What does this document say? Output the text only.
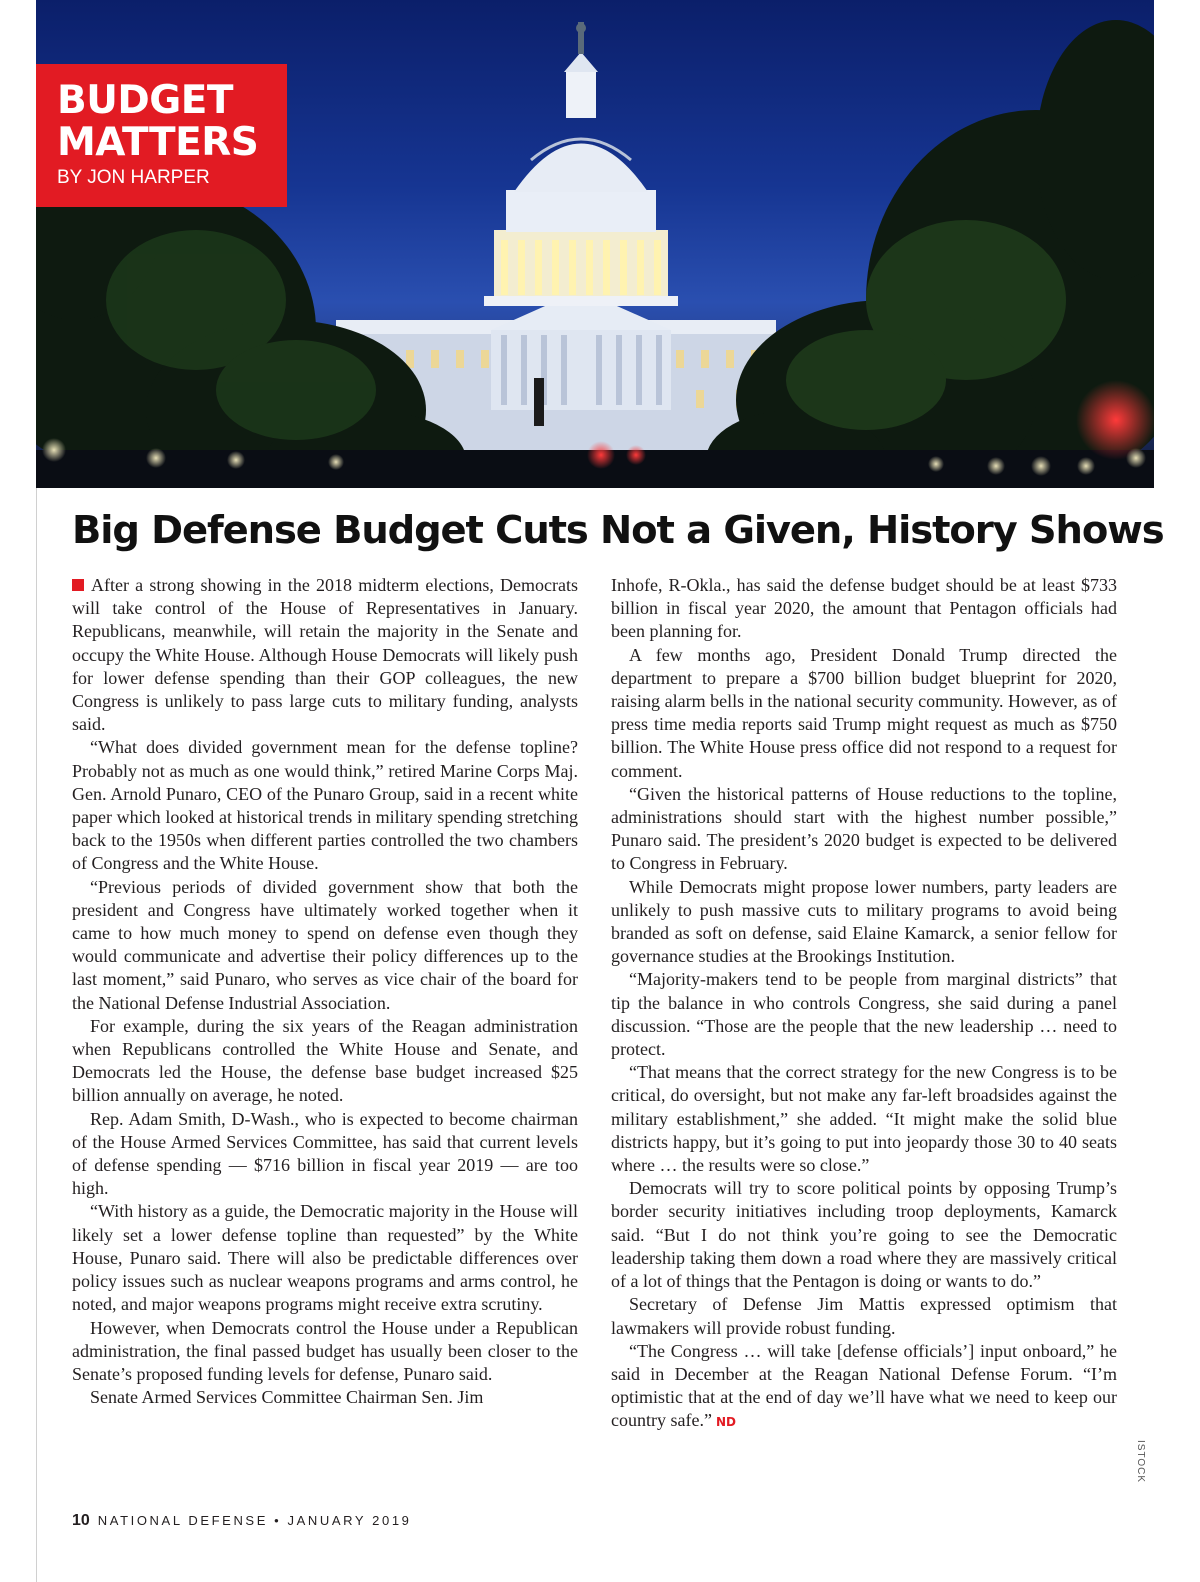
BUDGET
MATTERS
BY JON HARPER
Big Defense Budget Cuts Not a Given, History Shows

After a strong showing in the 2018 midterm elections, Democrats will take control of the House of Representatives in January. Republicans, meanwhile, will retain the majority in the Senate and occupy the White House. Although House Democrats will likely push for lower defense spending than their GOP colleagues, the new Congress is unlikely to pass large cuts to military funding, analysts said.

“What does divided government mean for the defense topline? Probably not as much as one would think,” retired Marine Corps Maj. Gen. Arnold Punaro, CEO of the Punaro Group, said in a recent white paper which looked at historical trends in military spending stretching back to the 1950s when different parties controlled the two chambers of Congress and the White House.

“Previous periods of divided government show that both the president and Congress have ultimately worked together when it came to how much money to spend on defense even though they would communicate and advertise their policy differences up to the last moment,” said Punaro, who serves as vice chair of the board for the National Defense Industrial Association.

For example, during the six years of the Reagan administration when Republicans controlled the White House and Senate, and Democrats led the House, the defense base budget increased $25 billion annually on average, he noted.

Rep. Adam Smith, D-Wash., who is expected to become chairman of the House Armed Services Committee, has said that current levels of defense spending — $716 billion in fiscal year 2019 — are too high.

“With history as a guide, the Democratic majority in the House will likely set a lower defense topline than requested” by the White House, Punaro said. There will also be predictable differences over policy issues such as nuclear weapons programs and arms control, he noted, and major weapons programs might receive extra scrutiny.

However, when Democrats control the House under a Republican administration, the final passed budget has usually been closer to the Senate’s proposed funding levels for defense, Punaro said.

Senate Armed Services Committee Chairman Sen. Jim

Inhofe, R-Okla., has said the defense budget should be at least $733 billion in fiscal year 2020, the amount that Pentagon officials had been planning for.

A few months ago, President Donald Trump directed the department to prepare a $700 billion budget blueprint for 2020, raising alarm bells in the national security community. However, as of press time media reports said Trump might request as much as $750 billion. The White House press office did not respond to a request for comment.

“Given the historical patterns of House reductions to the topline, administrations should start with the highest number possible,” Punaro said. The president’s 2020 budget is expected to be delivered to Congress in February.

While Democrats might propose lower numbers, party leaders are unlikely to push massive cuts to military programs to avoid being branded as soft on defense, said Elaine Kamarck, a senior fellow for governance studies at the Brookings Institution.

“Majority-makers tend to be people from marginal districts” that tip the balance in who controls Congress, she said during a panel discussion. “Those are the people that the new leadership … need to protect.

“That means that the correct strategy for the new Congress is to be critical, do oversight, but not make any far-left broadsides against the military establishment,” she added. “It might make the solid blue districts happy, but it’s going to put into jeopardy those 30 to 40 seats where … the results were so close.”

Democrats will try to score political points by opposing Trump’s border security initiatives including troop deployments, Kamarck said. “But I do not think you’re going to see the Democratic leadership taking them down a road where they are massively critical of a lot of things that the Pentagon is doing or wants to do.”

Secretary of Defense Jim Mattis expressed optimism that lawmakers will provide robust funding.

“The Congress … will take [defense officials’] input onboard,” he said in December at the Reagan National Defense Forum. “I’m optimistic that at the end of day we’ll have what we need to keep our country safe.” ND

ISTOCK
10 NATIONAL DEFENSE • JANUARY 2019
